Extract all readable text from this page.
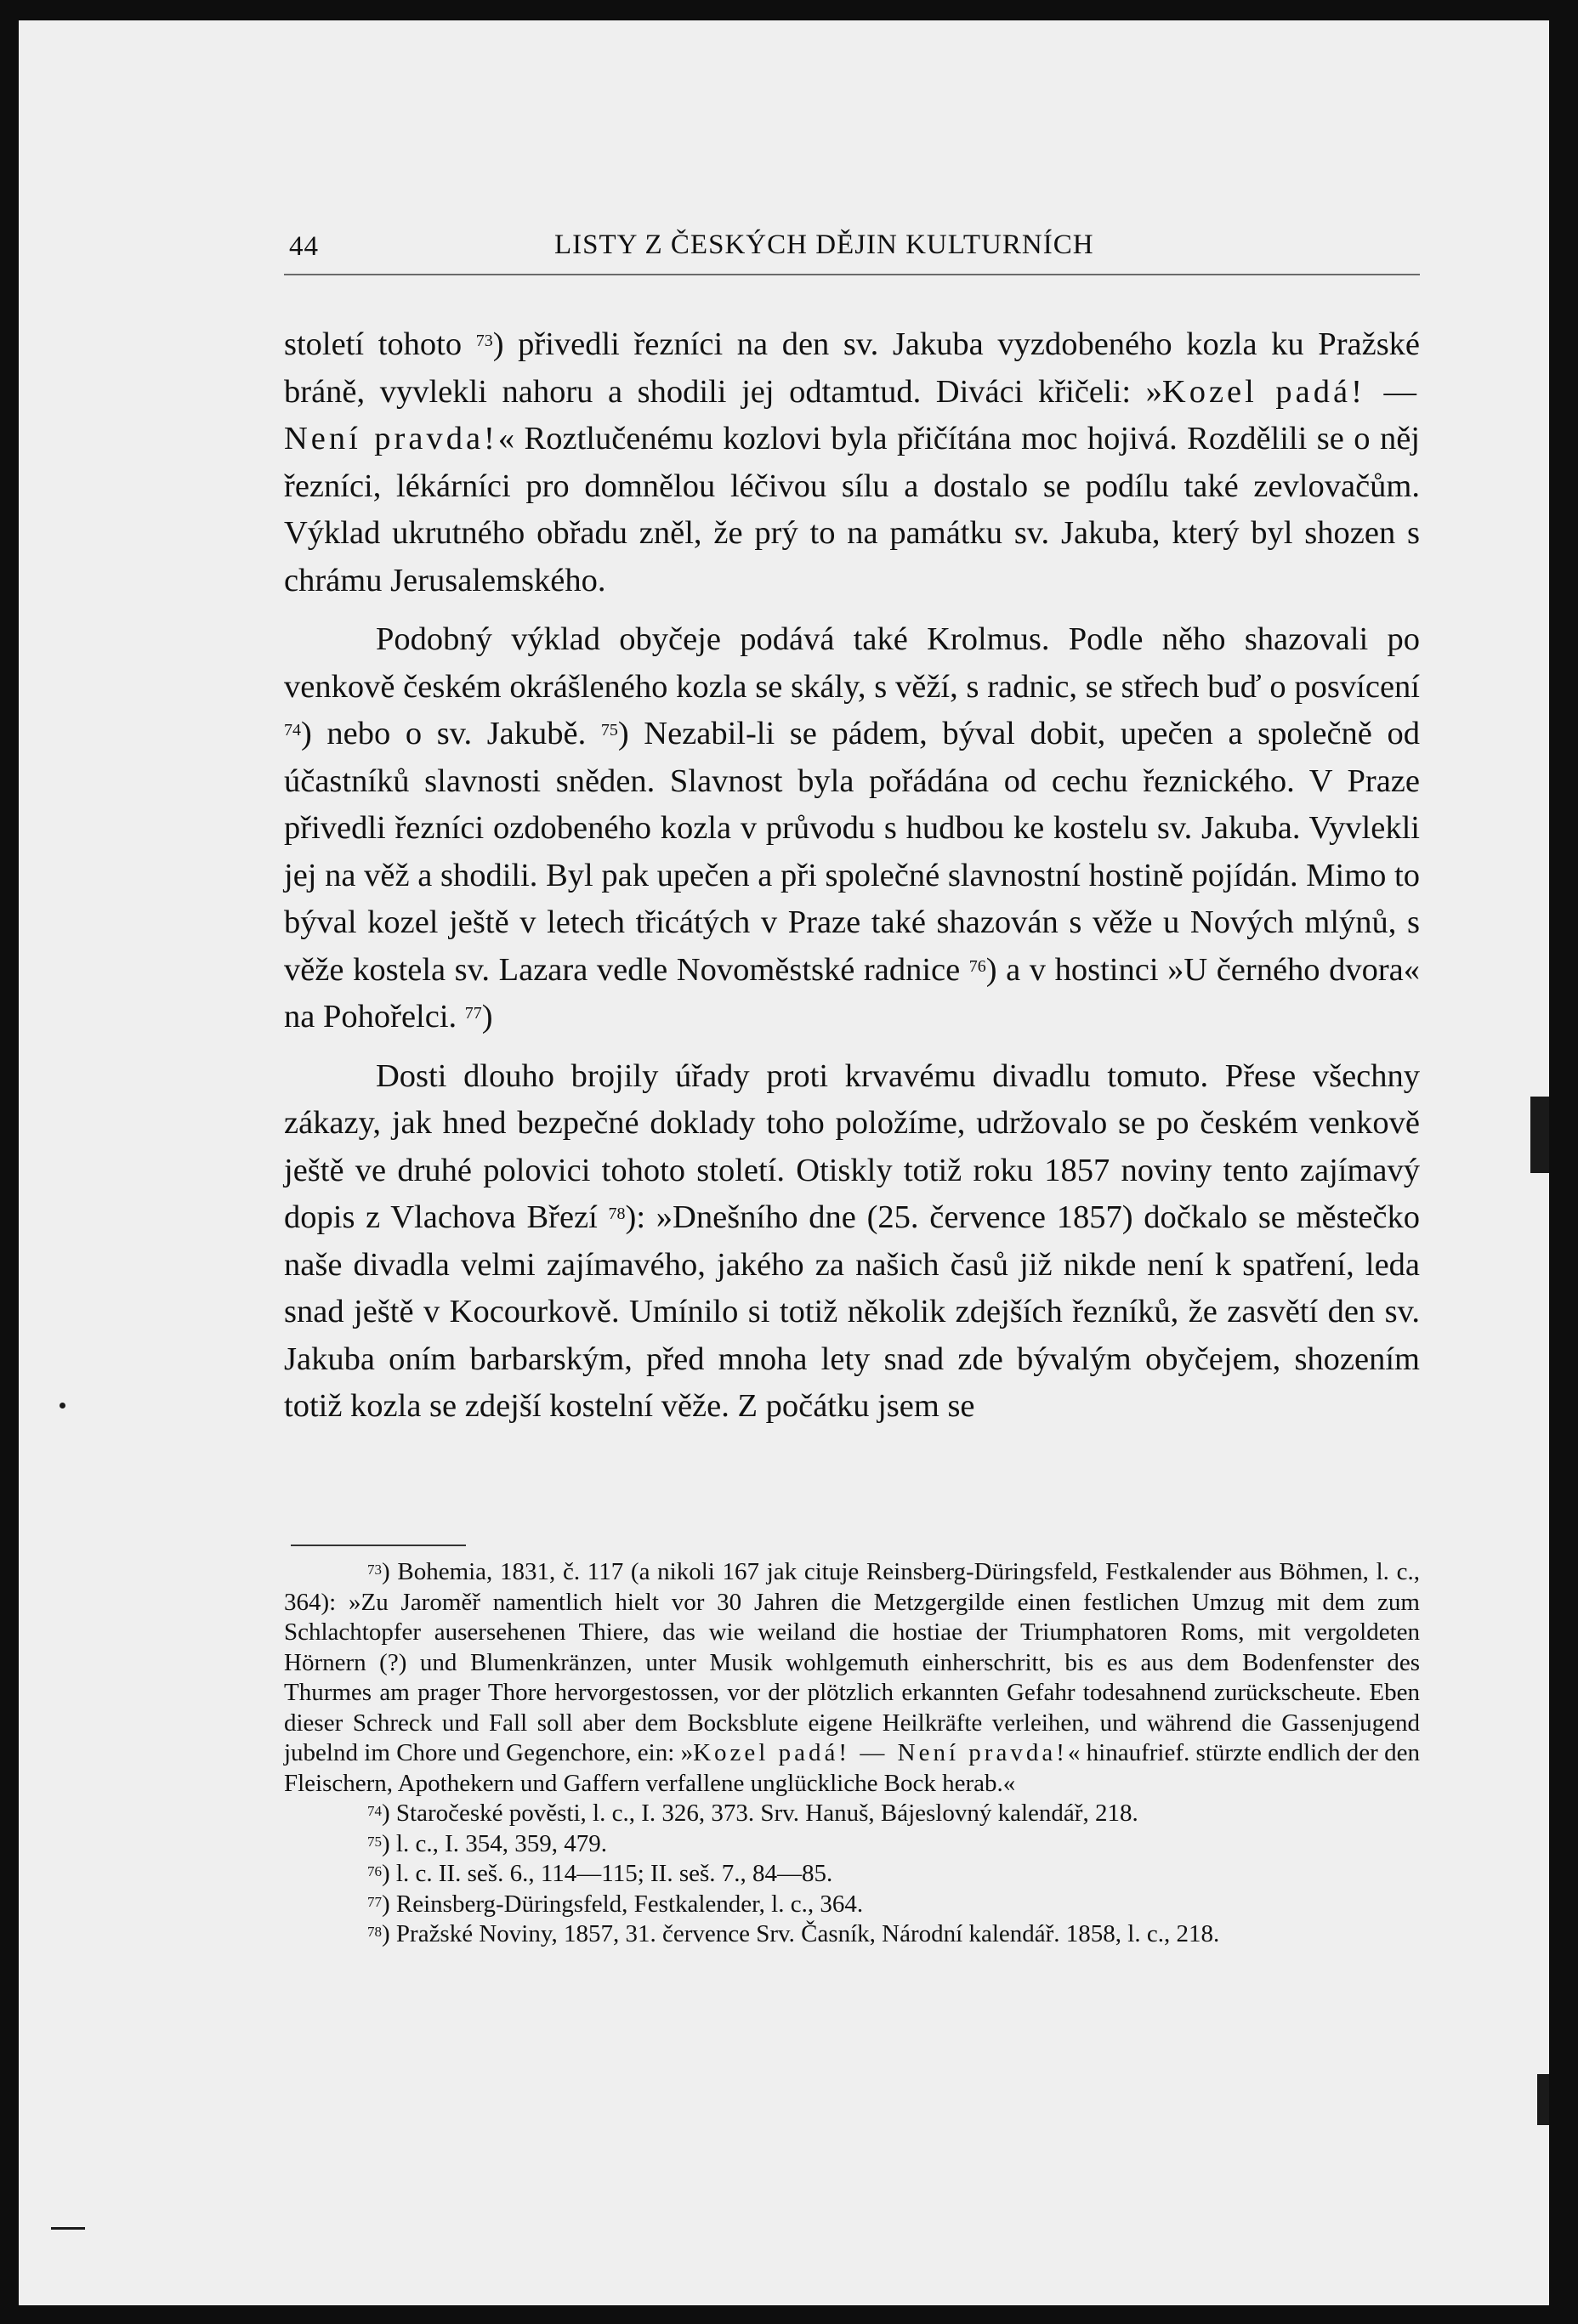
44	LISTY Z ČESKÝCH DĚJIN KULTURNÍCH

století tohoto $^{73}$) přivedli řezníci na den sv. Jakuba vyzdobeného kozla ku Pražské bráně, vyvlekli nahoru a shodili jej odtamtud. Diváci křičeli: »Kozel padá! — Není pravda!« Roztlučenému kozlovi byla přičítána moc hojivá. Rozdělili se o něj řezníci, lékárníci pro domnělou léčivou sílu a dostalo se podílu také zevlovačům. Výklad ukrutného obřadu zněl, že prý to na památku sv. Jakuba, který byl shozen s chrámu Jerusalemského.

Podobný výklad obyčeje podává také Krolmus. Podle něho shazovali po venkově českém okrášleného kozla se skály, s věží, s radnic, se střech buď o posvícení $^{74}$) nebo o sv. Jakubě. $^{75}$) Nezabil-li se pádem, býval dobit, upečen a společně od účastníků slavnosti sněden. Slavnost byla pořádána od cechu řeznického. V Praze přivedli řezníci ozdobeného kozla v průvodu s hudbou ke kostelu sv. Jakuba. Vyvlekli jej na věž a shodili. Byl pak upečen a při společné slavnostní hostině pojídán. Mimo to býval kozel ještě v letech třicátých v Praze také shazován s věže u Nových mlýnů, s věže kostela sv. Lazara vedle Novoměstské radnice $^{76}$) a v hostinci »U černého dvora« na Pohořelci. $^{77}$)

Dosti dlouho brojily úřady proti krvavému divadlu tomuto. Přese všechny zákazy, jak hned bezpečné doklady toho položíme, udržovalo se po českém venkově ještě ve druhé polovici tohoto století. Otiskly totiž roku 1857 noviny tento zajímavý dopis z Vlachova Březí $^{78}$): »Dnešního dne (25. července 1857) dočkalo se městečko naše divadla velmi zajímavého, jakého za našich časů již nikde není k spatření, leda snad ještě v Kocourkově. Umínilo si totiž několik zdejších řezníků, že zasvětí den sv. Jakuba oním barbarským, před mnoha lety snad zde bývalým obyčejem, shozením totiž kozla se zdejší kostelní věže. Z počátku jsem se

$^{73}$) Bohemia, 1831, č. 117 (a nikoli 167 jak cituje Reinsberg-Düringsfeld, Festkalender aus Böhmen, l. c., 364): »Zu Jaroměř namentlich hielt vor 30 Jahren die Metzgergilde einen festlichen Umzug mit dem zum Schlachtopfer ausersehenen Thiere, das wie weiland die hostiae der Triumphatoren Roms, mit vergoldeten Hörnern (?) und Blumenkränzen, unter Musik wohlgemuth einherschritt, bis es aus dem Bodenfenster des Thurmes am prager Thore hervorgestossen, vor der plötzlich erkannten Gefahr todesahnend zurückscheute. Eben dieser Schreck und Fall soll aber dem Bocksblute eigene Heilkräfte verleihen, und während die Gassenjugend jubelnd im Chore und Gegenchore, ein: »Kozel padá! — Není pravda!« hinaufrief. stürzte endlich der den Fleischern, Apothekern und Gaffern verfallene unglückliche Bock herab.«

$^{74}$) Staročeské pověsti, l. c., I. 326, 373. Srv. Hanuš, Bájeslovný kalendář, 218.

$^{75}$) l. c., I. 354, 359, 479.

$^{76}$) l. c. II. seš. 6., 114—115; II. seš. 7., 84—85.

$^{77}$) Reinsberg-Düringsfeld, Festkalender, l. c., 364.

$^{78}$) Pražské Noviny, 1857, 31. července Srv. Časník, Národní kalendář. 1858, l. c., 218.
